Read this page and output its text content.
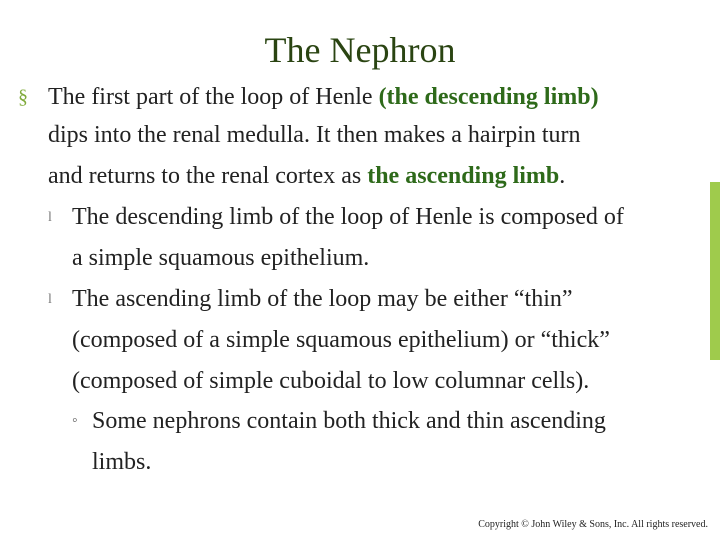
The Nephron
§ The first part of the loop of Henle (the descending limb)
dips into the renal medulla. It then makes a hairpin turn
and returns to the renal cortex as the ascending limb.
l The descending limb of the loop of Henle is composed of
a simple squamous epithelium.
l The ascending limb of the loop may be either “thin”
(composed of a simple squamous epithelium) or “thick”
(composed of simple cuboidal to low columnar cells).
◦ Some nephrons contain both thick and thin ascending
limbs.
Copyright © John Wiley & Sons, Inc. All rights reserved.
